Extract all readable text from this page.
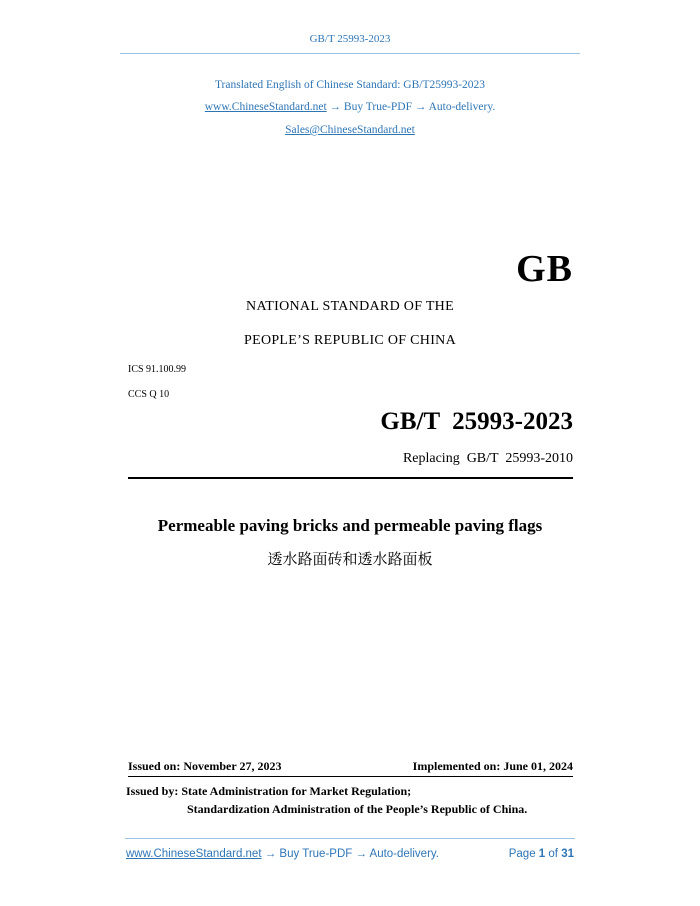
GB/T 25993-2023
Translated English of Chinese Standard: GB/T25993-2023
www.ChineseStandard.net → Buy True-PDF → Auto-delivery.
Sales@ChineseStandard.net
GB
NATIONAL STANDARD OF THE
PEOPLE’S REPUBLIC OF CHINA
ICS 91.100.99
CCS Q 10
GB/T  25993-2023
Replacing  GB/T  25993-2010
Permeable paving bricks and permeable paving flags
透水路面砖和透水路面板
Issued on: November 27, 2023	Implemented on: June 01, 2024
Issued by: State Administration for Market Regulation;
Standardization Administration of the People’s Republic of China.
www.ChineseStandard.net → Buy True-PDF → Auto-delivery.	Page 1 of 31
